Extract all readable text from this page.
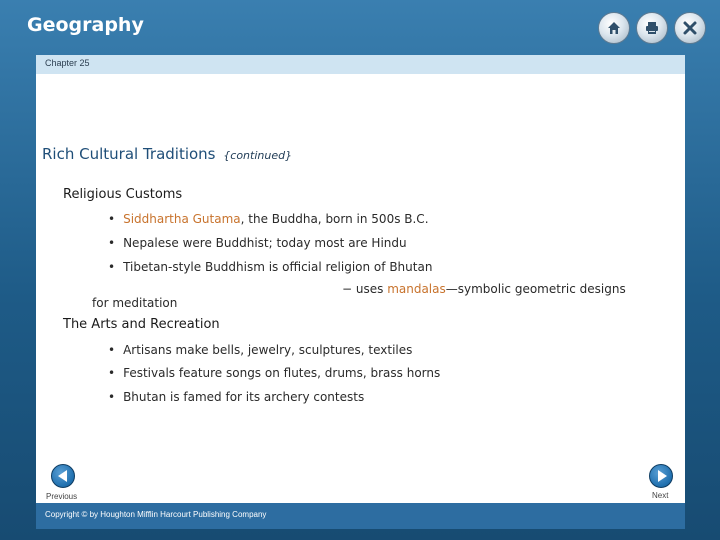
Geography
Chapter 25
Rich Cultural Traditions {continued}
Religious Customs
• Siddhartha Gutama, the Buddha, born in 500s B.C.
• Nepalese were Buddhist; today most are Hindu
• Tibetan-style Buddhism is official religion of Bhutan
− uses mandalas—symbolic geometric designs
for meditation
The Arts and Recreation
• Artisans make bells, jewelry, sculptures, textiles
• Festivals feature songs on flutes, drums, brass horns
• Bhutan is famed for its archery contests
Previous	Next
Copyright © by Houghton Mifflin Harcourt Publishing Company
